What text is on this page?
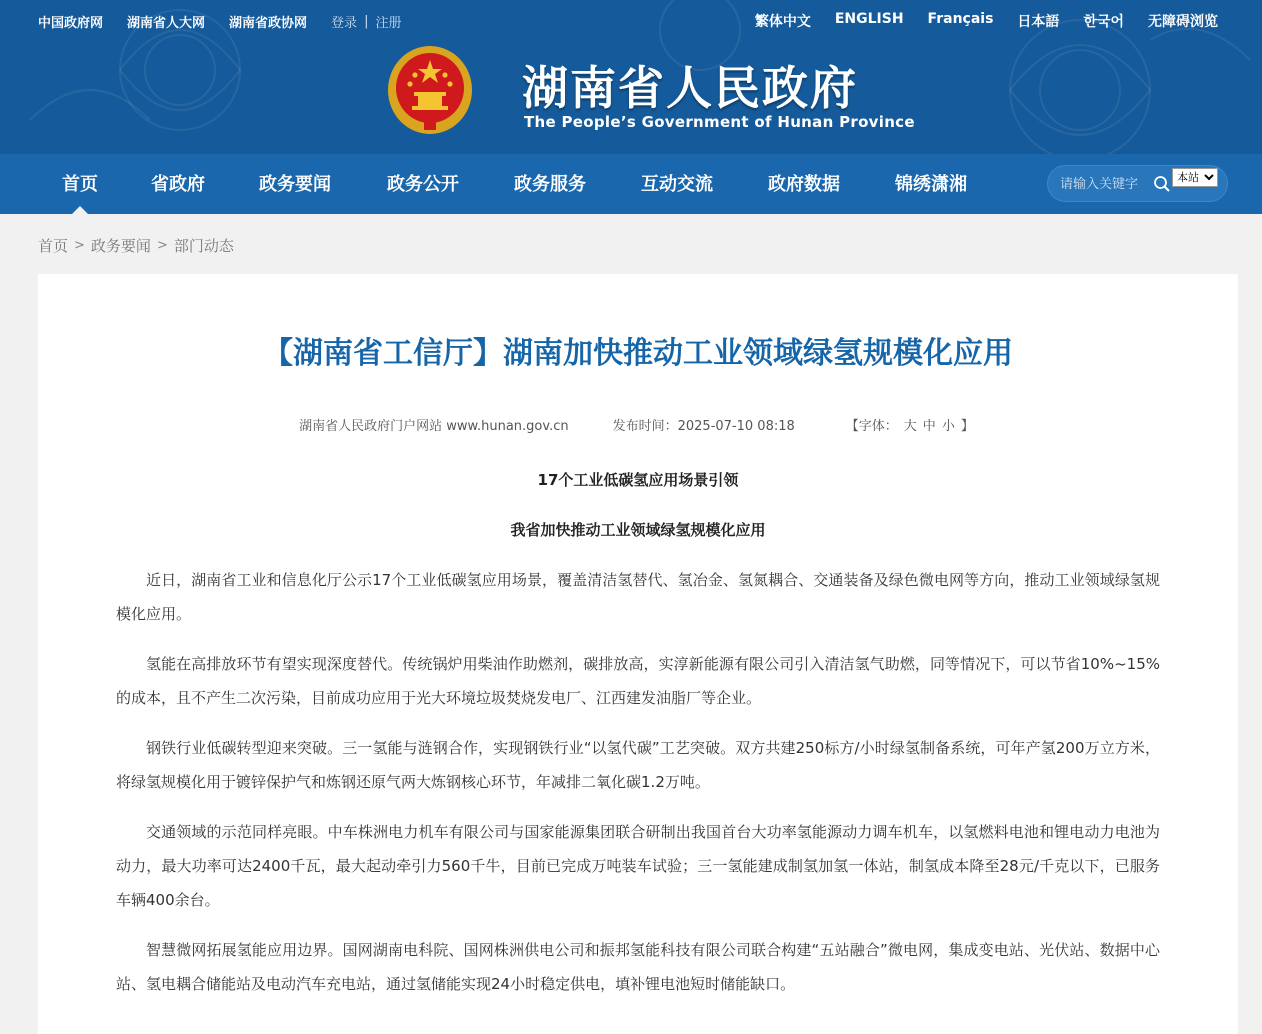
中国政府网 湖南省人大网 湖南省政协网 登录 | 注册	繁体中文 ENGLISH Français 日本語 한국어 无障碍浏览
湖南省人民政府
The People’s Government of Hunan Province
首页	省政府	政务要闻	政务公开	政务服务	互动交流	政府数据	锦绣潇湘
请输入关键字
本站
首页 > 政务要闻 > 部门动态
【湖南省工信厅】湖南加快推动工业领域绿氢规模化应用
湖南省人民政府门户网站 www.hunan.gov.cn	发布时间：2025-07-10 08:18	【字体： 大 中 小 】
17个工业低碳氢应用场景引领
我省加快推动工业领域绿氢规模化应用

近日，湖南省工业和信息化厅公示17个工业低碳氢应用场景，覆盖清洁氢替代、氢冶金、氢氮耦合、交通装备及绿色微电网等方向，推动工业领域绿氢规模化应用。

氢能在高排放环节有望实现深度替代。传统锅炉用柴油作助燃剂，碳排放高，实淳新能源有限公司引入清洁氢气助燃，同等情况下，可以节省10%~15%的成本，且不产生二次污染，目前成功应用于光大环境垃圾焚烧发电厂、江西建发油脂厂等企业。

钢铁行业低碳转型迎来突破。三一氢能与涟钢合作，实现钢铁行业“以氢代碳”工艺突破。双方共建250标方/小时绿氢制备系统，可年产氢200万立方米，将绿氢规模化用于镀锌保护气和炼钢还原气两大炼钢核心环节，年减排二氧化碳1.2万吨。

交通领域的示范同样亮眼。中车株洲电力机车有限公司与国家能源集团联合研制出我国首台大功率氢能源动力调车机车，以氢燃料电池和锂电动力电池为动力，最大功率可达2400千瓦，最大起动牵引力560千牛，目前已完成万吨装车试验；三一氢能建成制氢加氢一体站，制氢成本降至28元/千克以下，已服务车辆400余台。

智慧微网拓展氢能应用边界。国网湖南电科院、国网株洲供电公司和振邦氢能科技有限公司联合构建“五站融合”微电网，集成变电站、光伏站、数据中心站、氢电耦合储能站及电动汽车充电站，通过氢储能实现24小时稳定供电，填补锂电池短时储能缺口。
